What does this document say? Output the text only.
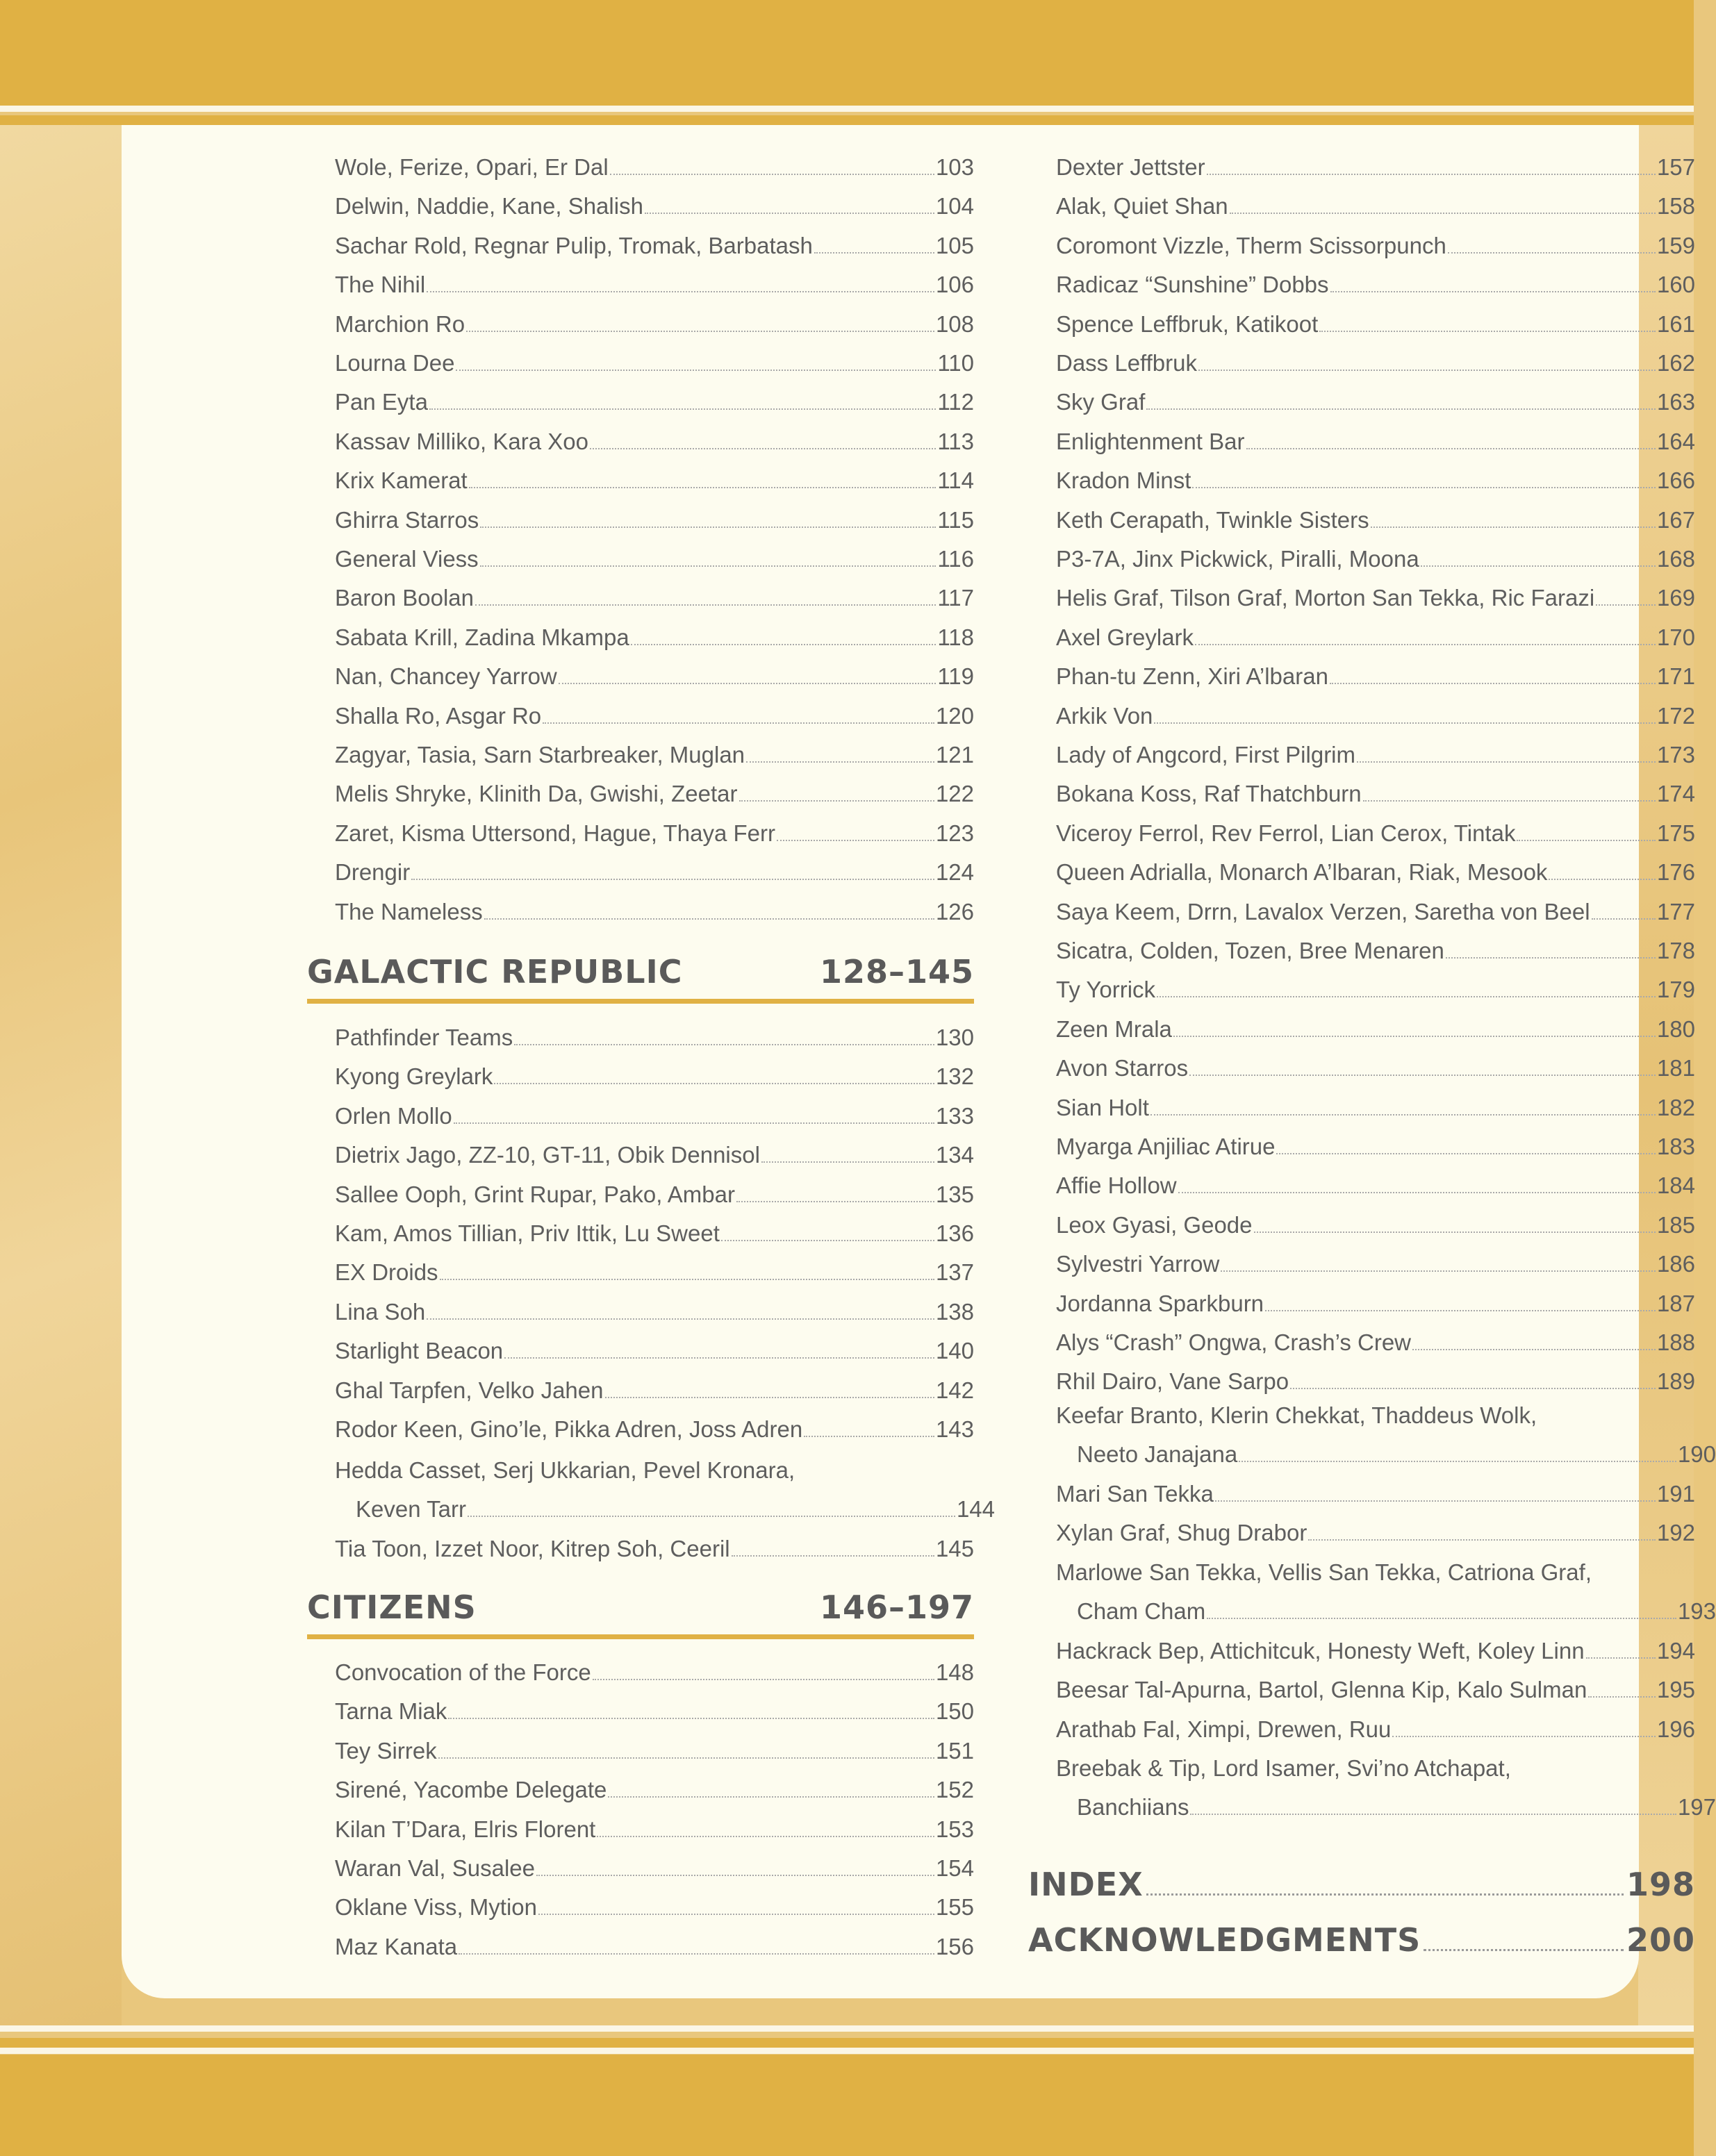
Wole, Ferize, Opari, Er Dal	103
Delwin, Naddie, Kane, Shalish	104
Sachar Rold, Regnar Pulip, Tromak, Barbatash	105
The Nihil	106
Marchion Ro	108
Lourna Dee	110
Pan Eyta	112
Kassav Milliko, Kara Xoo	113
Krix Kamerat	114
Ghirra Starros	115
General Viess	116
Baron Boolan	117
Sabata Krill, Zadina Mkampa	118
Nan, Chancey Yarrow	119
Shalla Ro, Asgar Ro	120
Zagyar, Tasia, Sarn Starbreaker, Muglan	121
Melis Shryke, Klinith Da, Gwishi, Zeetar	122
Zaret, Kisma Uttersond, Hague, Thaya Ferr	123
Drengir	124
The Nameless	126
GALACTIC REPUBLIC	128–145
Pathfinder Teams	130
Kyong Greylark	132
Orlen Mollo	133
Dietrix Jago, ZZ-10, GT-11, Obik Dennisol	134
Sallee Ooph, Grint Rupar, Pako, Ambar	135
Kam, Amos Tillian, Priv Ittik, Lu Sweet	136
EX Droids	137
Lina Soh	138
Starlight Beacon	140
Ghal Tarpfen, Velko Jahen	142
Rodor Keen, Gino’le, Pikka Adren, Joss Adren	143
Hedda Casset, Serj Ukkarian, Pevel Kronara,
Keven Tarr	144
Tia Toon, Izzet Noor, Kitrep Soh, Ceeril	145
CITIZENS	146–197
Convocation of the Force	148
Tarna Miak	150
Tey Sirrek	151
Sirené, Yacombe Delegate	152
Kilan T’Dara, Elris Florent	153
Waran Val, Susalee	154
Oklane Viss, Mytion	155
Maz Kanata	156
Dexter Jettster	157
Alak, Quiet Shan	158
Coromont Vizzle, Therm Scissorpunch	159
Radicaz “Sunshine” Dobbs	160
Spence Leffbruk, Katikoot	161
Dass Leffbruk	162
Sky Graf	163
Enlightenment Bar	164
Kradon Minst	166
Keth Cerapath, Twinkle Sisters	167
P3-7A, Jinx Pickwick, Piralli, Moona	168
Helis Graf, Tilson Graf, Morton San Tekka, Ric Farazi	169
Axel Greylark	170
Phan-tu Zenn, Xiri A’lbaran	171
Arkik Von	172
Lady of Angcord, First Pilgrim	173
Bokana Koss, Raf Thatchburn	174
Viceroy Ferrol, Rev Ferrol, Lian Cerox, Tintak	175
Queen Adrialla, Monarch A’lbaran, Riak, Mesook	176
Saya Keem, Drrn, Lavalox Verzen, Saretha von Beel	177
Sicatra, Colden, Tozen, Bree Menaren	178
Ty Yorrick	179
Zeen Mrala	180
Avon Starros	181
Sian Holt	182
Myarga Anjiliac Atirue	183
Affie Hollow	184
Leox Gyasi, Geode	185
Sylvestri Yarrow	186
Jordanna Sparkburn	187
Alys “Crash” Ongwa, Crash’s Crew	188
Rhil Dairo, Vane Sarpo	189
Keefar Branto, Klerin Chekkat, Thaddeus Wolk,
Neeto Janajana	190
Mari San Tekka	191
Xylan Graf, Shug Drabor	192
Marlowe San Tekka, Vellis San Tekka, Catriona Graf,
Cham Cham	193
Hackrack Bep, Attichitcuk, Honesty Weft, Koley Linn	194
Beesar Tal-Apurna, Bartol, Glenna Kip, Kalo Sulman	195
Arathab Fal, Ximpi, Drewen, Ruu	196
Breebak & Tip, Lord Isamer, Svi’no Atchapat,
Banchiians	197
INDEX	198
ACKNOWLEDGMENTS	200
